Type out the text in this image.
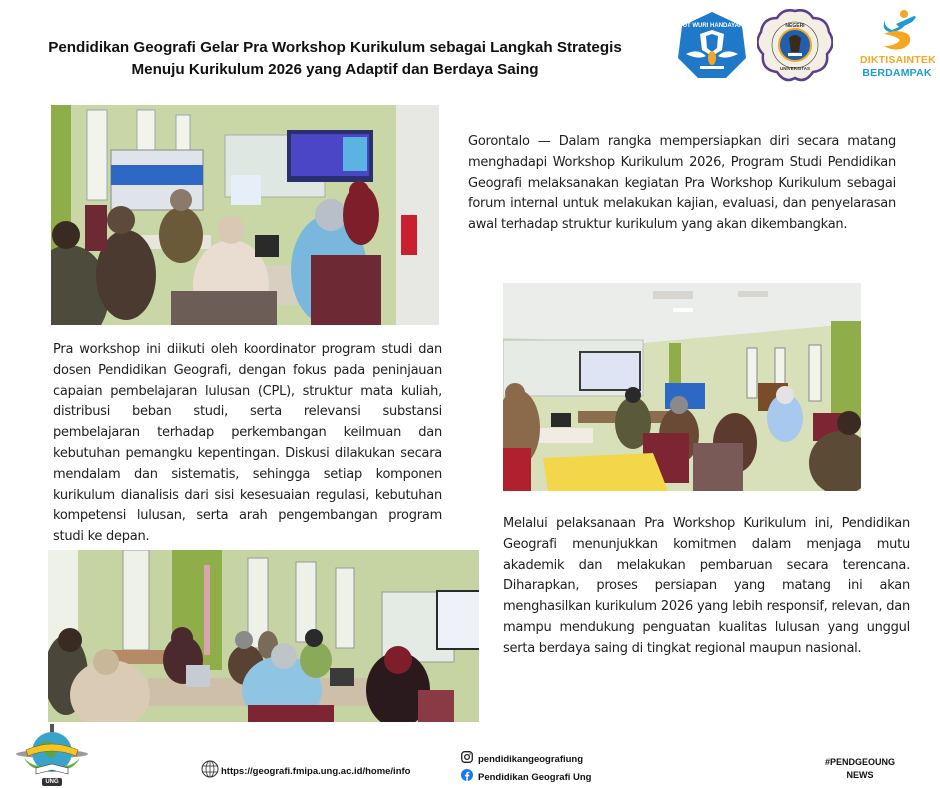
Pendidikan Geografi Gelar Pra Workshop Kurikulum sebagai Langkah Strategis
Menuju Kurikulum 2026 yang Adaptif dan Berdaya Saing
TUT WURI HANDAYANI	NEGERI
UNIVERSITAS
DIKTISAINTEK
BERDAMPAK

Gorontalo — Dalam rangka mempersiapkan diri secara matang menghadapi Workshop Kurikulum 2026, Program Studi Pendidikan Geografi melaksanakan kegiatan Pra Workshop Kurikulum sebagai forum internal untuk melakukan kajian, evaluasi, dan penyelarasan awal terhadap struktur kurikulum yang akan dikembangkan.

Pra workshop ini diikuti oleh koordinator program studi dan dosen Pendidikan Geografi, dengan fokus pada peninjauan capaian pembelajaran lulusan (CPL), struktur mata kuliah, distribusi beban studi, serta relevansi substansi pembelajaran terhadap perkembangan keilmuan dan kebutuhan pemangku kepentingan. Diskusi dilakukan secara mendalam dan sistematis, sehingga setiap komponen kurikulum dianalisis dari sisi kesesuaian regulasi, kebutuhan kompetensi lulusan, serta arah pengembangan program studi ke depan.

Melalui pelaksanaan Pra Workshop Kurikulum ini, Pendidikan Geografi menunjukkan komitmen dalam menjaga mutu akademik dan melakukan pembaruan secara terencana. Diharapkan, proses persiapan yang matang ini akan menghasilkan kurikulum 2026 yang lebih responsif, relevan, dan mampu mendukung penguatan kualitas lulusan yang unggul serta berdaya saing di tingkat regional maupun nasional.

UNG
https://geografi.fmipa.ung.ac.id/home/info
pendidikangeografiung
Pendidikan Geografi Ung
#PENDGEOUNG
NEWS
